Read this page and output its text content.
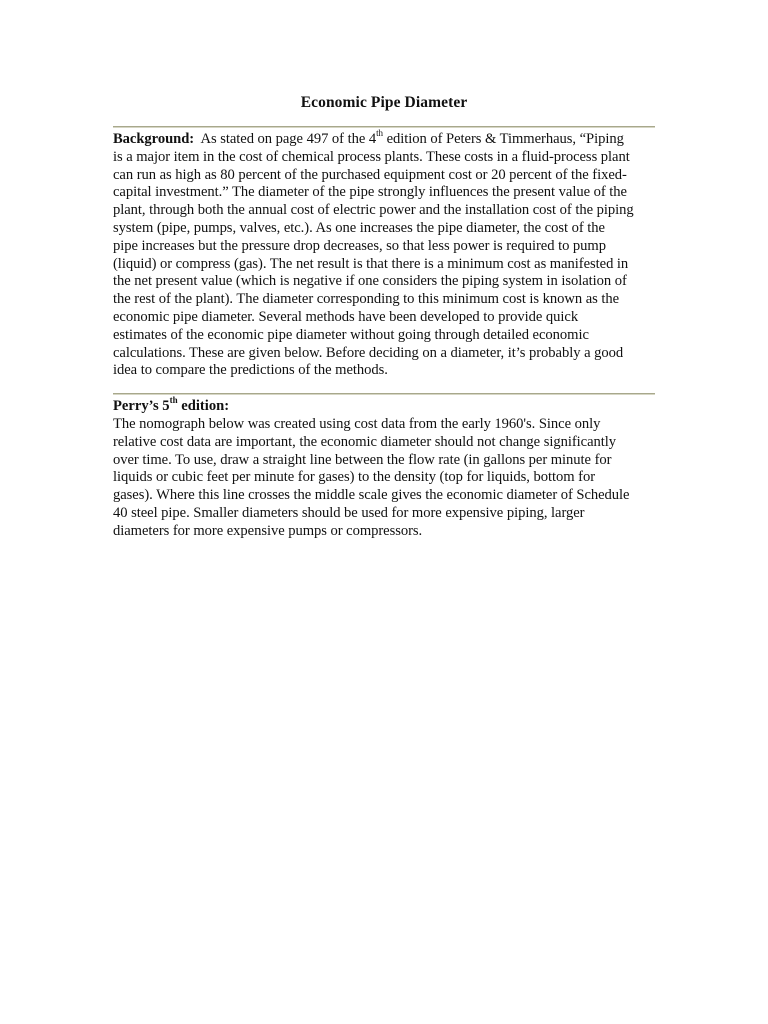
Economic Pipe Diameter
Background:  As stated on page 497 of the 4th edition of Peters & Timmerhaus, “Piping
is a major item in the cost of chemical process plants. These costs in a fluid-process plant
can run as high as 80 percent of the purchased equipment cost or 20 percent of the fixed-
capital investment.” The diameter of the pipe strongly influences the present value of the
plant, through both the annual cost of electric power and the installation cost of the piping
system (pipe, pumps, valves, etc.). As one increases the pipe diameter, the cost of the
pipe increases but the pressure drop decreases, so that less power is required to pump
(liquid) or compress (gas). The net result is that there is a minimum cost as manifested in
the net present value (which is negative if one considers the piping system in isolation of
the rest of the plant). The diameter corresponding to this minimum cost is known as the
economic pipe diameter. Several methods have been developed to provide quick
estimates of the economic pipe diameter without going through detailed economic
calculations. These are given below. Before deciding on a diameter, it’s probably a good
idea to compare the predictions of the methods.
Perry’s 5th edition:
The nomograph below was created using cost data from the early 1960's. Since only
relative cost data are important, the economic diameter should not change significantly
over time. To use, draw a straight line between the flow rate (in gallons per minute for
liquids or cubic feet per minute for gases) to the density (top for liquids, bottom for
gases). Where this line crosses the middle scale gives the economic diameter of Schedule
40 steel pipe. Smaller diameters should be used for more expensive piping, larger
diameters for more expensive pumps or compressors.
